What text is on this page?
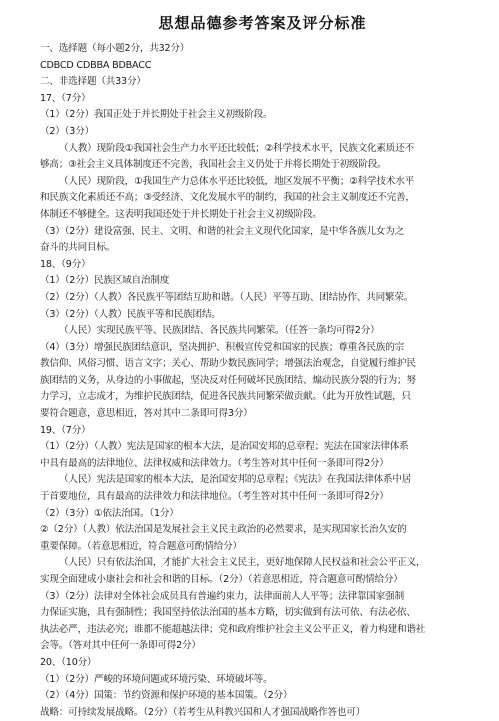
思想品德参考答案及评分标准
一、选择题（每小题2分，共32分）
CDBCD CDBBA BDBACC
二、非选择题（共33分）
17、（7分）
（1）（2分）我国正处于并长期处于社会主义初级阶段。
（2）（3分）
（人教）现阶段①我国社会生产力水平还比较低；②科学技术水平，民族文化素质还不
够高；③社会主义具体制度还不完善，我国社会主义仍处于并将长期处于初级阶段。
（人民）现阶段，①我国生产力总体水平还比较低，地区发展不平衡；②科学技术水平
和民族文化素质还不高；③受经济、文化发展水平的制约，我国的社会主义制度还不完善，
体制还不够健全。这表明我国还处于并长期处于社会主义初级阶段。
（3）（2分）建设富强、民主、文明、和谐的社会主义现代化国家，是中华各族儿女为之
奋斗的共同目标。
18、（9分）
（1）（2分）民族区域自治制度
（2）（2分）（人教）各民族平等团结互助和谐。（人民）平等互助、团结协作、共同繁荣。
（3）（2分）（人教）民族平等和民族团结。
（人民）实现民族平等、民族团结、各民族共同繁荣。（任答一条均可得2分）
（4）（3分）增强民族团结意识，坚决拥护、积极宣传党和国家的民族；尊重各民族的宗
教信仰、风俗习惯、语言文字；关心、帮助少数民族同学；增强法治观念，自觉履行维护民
族团结的义务，从身边的小事做起，坚决反对任何破坏民族团结、煽动民族分裂的行为；努
力学习，立志成才，为维护民族团结，促进各民族共同繁荣做贡献。（此为开放性试题，只
要符合题意，意思相近，答对其中二条即可得3分）
19、（7分）
（1）（2分）（人教）宪法是国家的根本大法，是治国安邦的总章程；宪法在国家法律体系
中具有最高的法律地位、法律权威和法律效力。（考生答对其中任何一条即可得2分）
（人民）宪法是国家的根本大法，是治国安邦的总章程；《宪法》在我国法律体系中居
于首要地位，具有最高的法律效力和法律地位。（考生答对其中任何一条即可得2分）
（2）（3分）①依法治国。（1分）
②（2分）（人教）依法治国是发展社会主义民主政治的必然要求，是实现国家长治久安的
重要保障。（若意思相近，符合题意可酌情给分）
（人民）只有依法治国，才能扩大社会主义民主，更好地保障人民权益和社会公平正义，
实现全面建成小康社会和社会和谐的目标。（2分）（若意思相近，符合题意可酌情给分）
（3）（2分）法律对全体社会成员具有普遍约束力，法律面前人人平等；法律靠国家强制
力保证实施，具有强制性；我国坚持依法治国的基本方略，切实做到有法可依、有法必依、
执法必严，违法必究；谁都不能超越法律；党和政府维护社会主义公平正义，着力构建和谐社
会等。（答对其中任何一条即可得2分）
20、（10分）
（1）（2分）严峻的环境问题或环境污染、环境破坏等。
（2）（4分）国策：节约资源和保护环境的基本国策。（2分）
战略：可持续发展战略。（2分）（若考生从科教兴国和人才强国战略作答也可）
